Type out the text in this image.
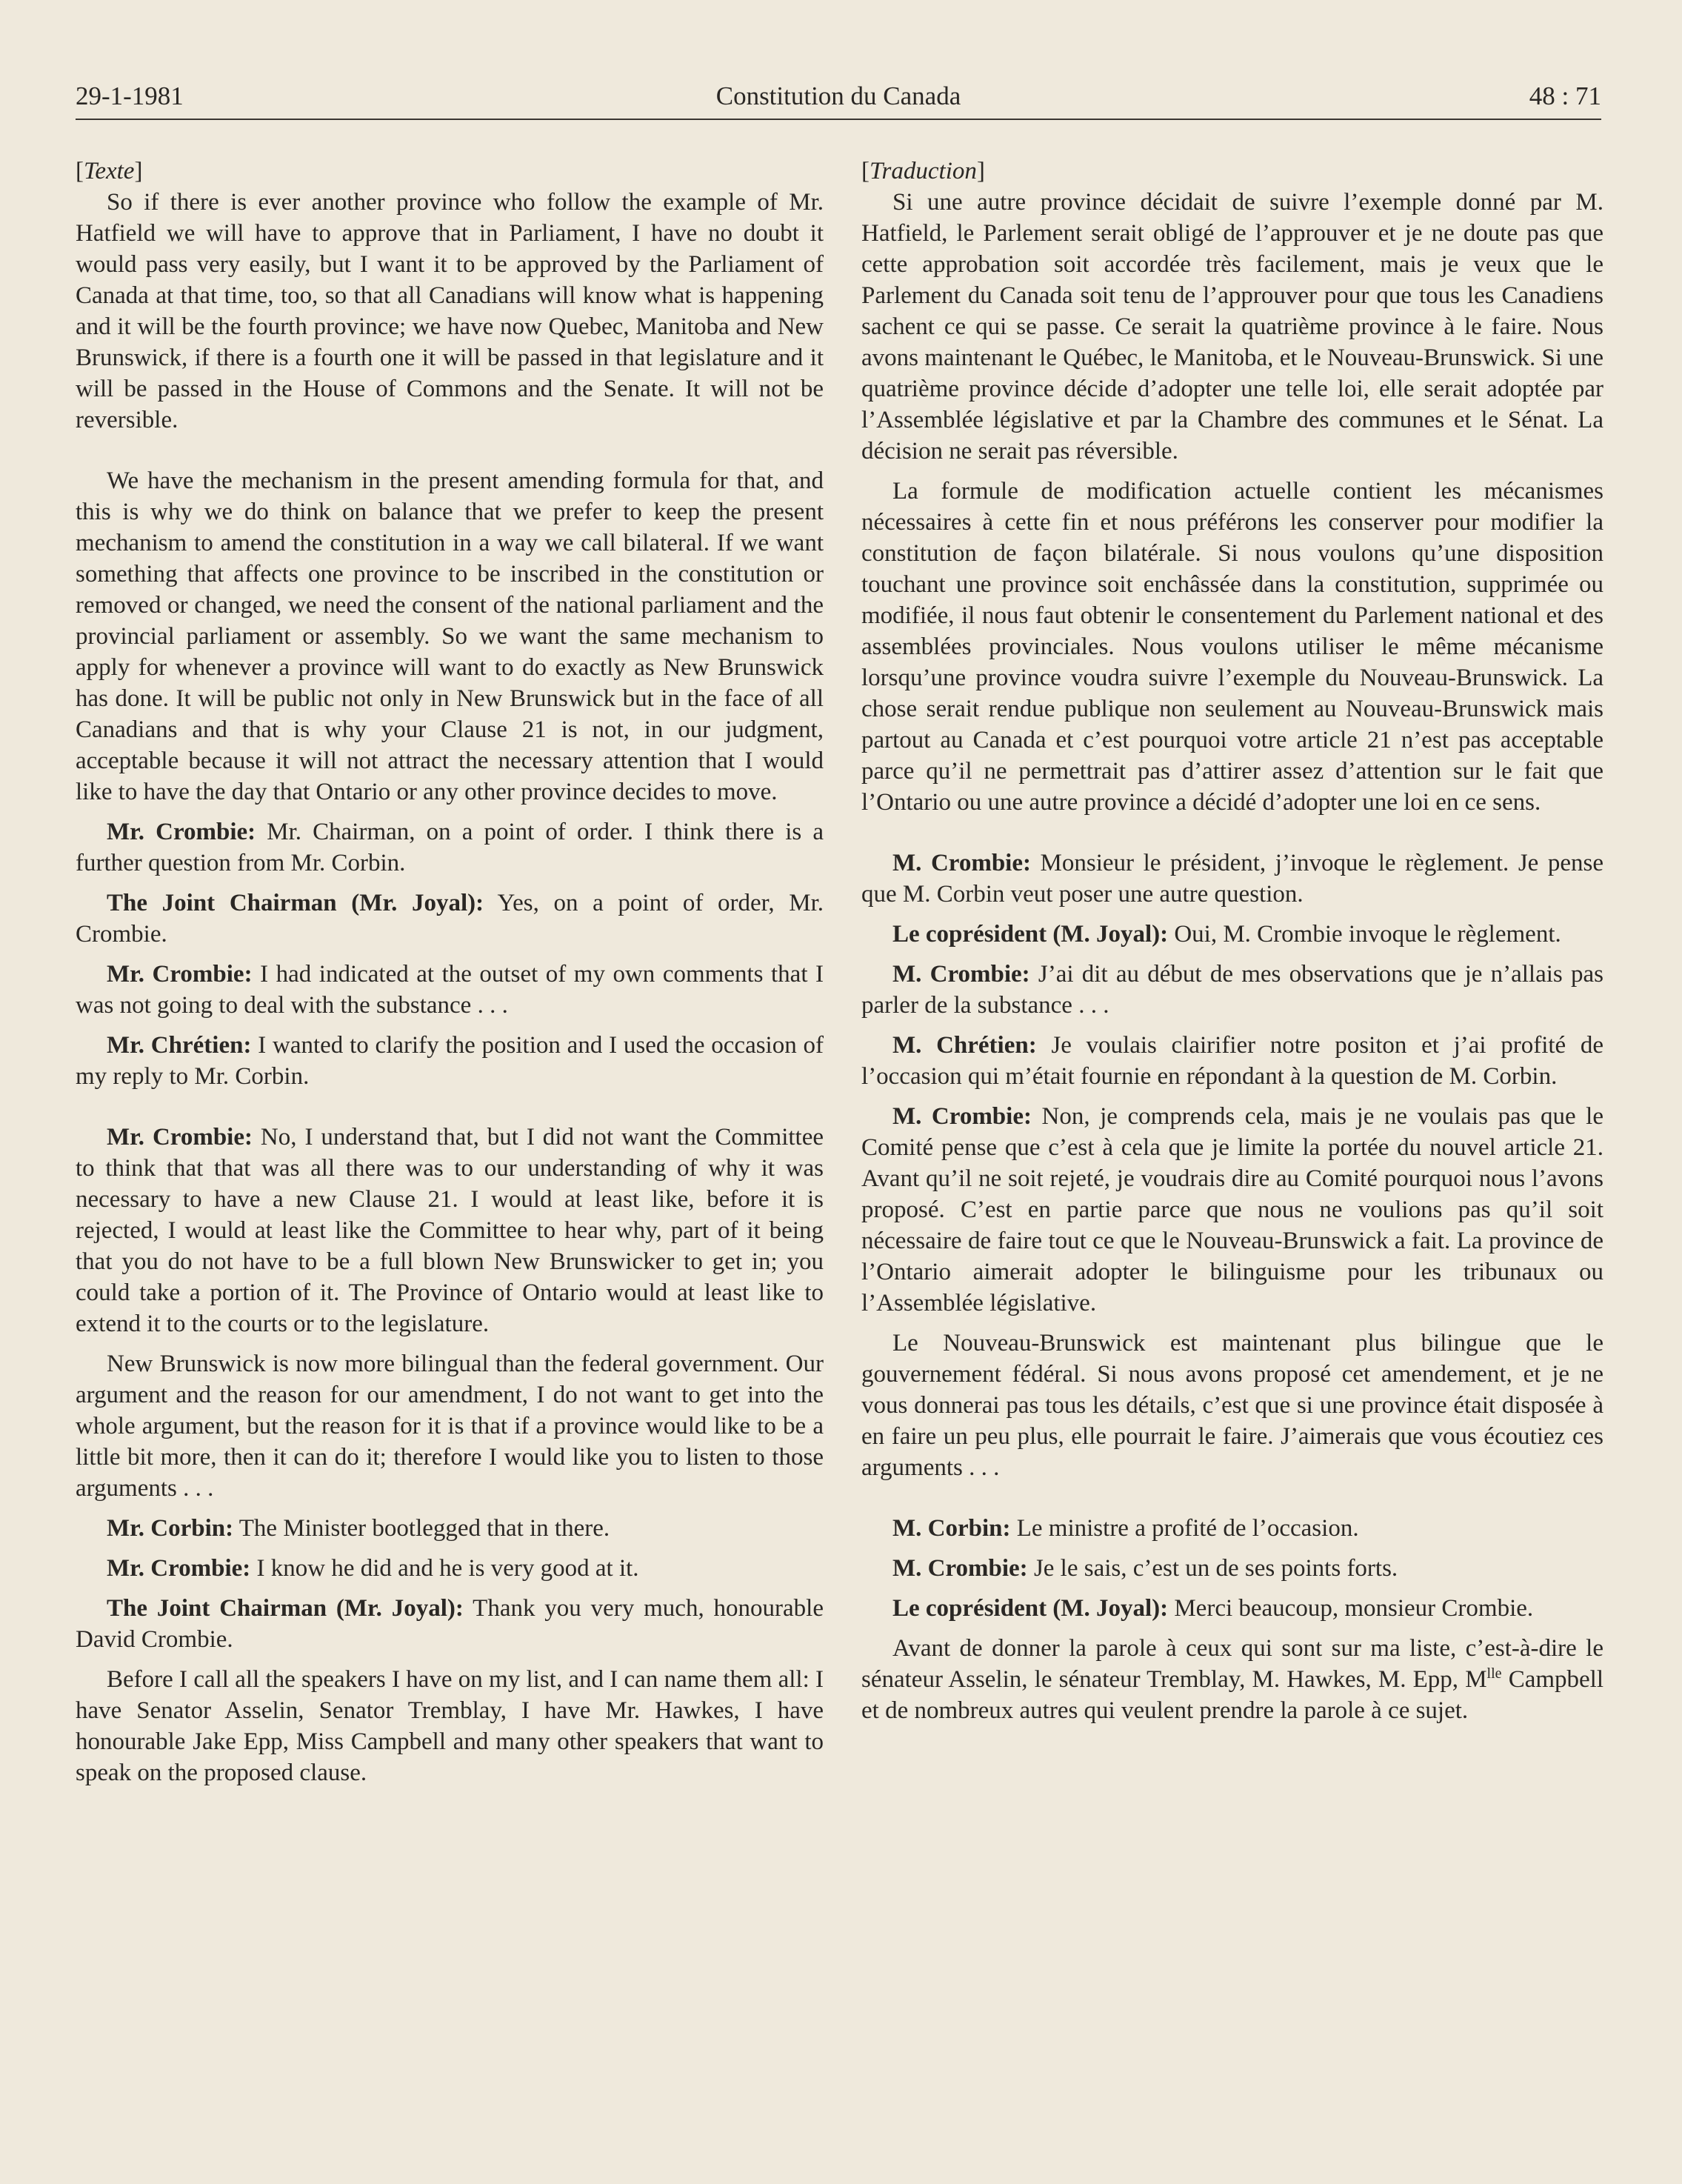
29-1-1981	Constitution du Canada	48 : 71

[Texte]

So if there is ever another province who follow the example of Mr. Hatfield we will have to approve that in Parliament, I have no doubt it would pass very easily, but I want it to be approved by the Parliament of Canada at that time, too, so that all Canadians will know what is happening and it will be the fourth province; we have now Quebec, Manitoba and New Brunswick, if there is a fourth one it will be passed in that legislature and it will be passed in the House of Commons and the Senate. It will not be reversible.

We have the mechanism in the present amending formula for that, and this is why we do think on balance that we prefer to keep the present mechanism to amend the constitution in a way we call bilateral. If we want something that affects one province to be inscribed in the constitution or removed or changed, we need the consent of the national parliament and the provincial parliament or assembly. So we want the same mechanism to apply for whenever a province will want to do exactly as New Brunswick has done. It will be public not only in New Brunswick but in the face of all Canadians and that is why your Clause 21 is not, in our judgment, acceptable because it will not attract the necessary attention that I would like to have the day that Ontario or any other province decides to move.

Mr. Crombie: Mr. Chairman, on a point of order. I think there is a further question from Mr. Corbin.

The Joint Chairman (Mr. Joyal): Yes, on a point of order, Mr. Crombie.

Mr. Crombie: I had indicated at the outset of my own comments that I was not going to deal with the substance . . .

Mr. Chrétien: I wanted to clarify the position and I used the occasion of my reply to Mr. Corbin.

Mr. Crombie: No, I understand that, but I did not want the Committee to think that that was all there was to our understanding of why it was necessary to have a new Clause 21. I would at least like, before it is rejected, I would at least like the Committee to hear why, part of it being that you do not have to be a full blown New Brunswicker to get in; you could take a portion of it. The Province of Ontario would at least like to extend it to the courts or to the legislature.

New Brunswick is now more bilingual than the federal government. Our argument and the reason for our amendment, I do not want to get into the whole argument, but the reason for it is that if a province would like to be a little bit more, then it can do it; therefore I would like you to listen to those arguments . . .

Mr. Corbin: The Minister bootlegged that in there.

Mr. Crombie: I know he did and he is very good at it.

The Joint Chairman (Mr. Joyal): Thank you very much, honourable David Crombie.

Before I call all the speakers I have on my list, and I can name them all: I have Senator Asselin, Senator Tremblay, I have Mr. Hawkes, I have honourable Jake Epp, Miss Campbell and many other speakers that want to speak on the proposed clause.

[Traduction]

Si une autre province décidait de suivre l’exemple donné par M. Hatfield, le Parlement serait obligé de l’approuver et je ne doute pas que cette approbation soit accordée très facilement, mais je veux que le Parlement du Canada soit tenu de l’approuver pour que tous les Canadiens sachent ce qui se passe. Ce serait la quatrième province à le faire. Nous avons maintenant le Québec, le Manitoba, et le Nouveau-Brunswick. Si une quatrième province décide d’adopter une telle loi, elle serait adoptée par l’Assemblée législative et par la Chambre des communes et le Sénat. La décision ne serait pas réversible.

La formule de modification actuelle contient les mécanismes nécessaires à cette fin et nous préférons les conserver pour modifier la constitution de façon bilatérale. Si nous voulons qu’une disposition touchant une province soit enchâssée dans la constitution, supprimée ou modifiée, il nous faut obtenir le consentement du Parlement national et des assemblées provinciales. Nous voulons utiliser le même mécanisme lorsqu’une province voudra suivre l’exemple du Nouveau-Brunswick. La chose serait rendue publique non seulement au Nouveau-Brunswick mais partout au Canada et c’est pourquoi votre article 21 n’est pas acceptable parce qu’il ne permettrait pas d’attirer assez d’attention sur le fait que l’Ontario ou une autre province a décidé d’adopter une loi en ce sens.

M. Crombie: Monsieur le président, j’invoque le règlement. Je pense que M. Corbin veut poser une autre question.

Le coprésident (M. Joyal): Oui, M. Crombie invoque le règlement.

M. Crombie: J’ai dit au début de mes observations que je n’allais pas parler de la substance . . .

M. Chrétien: Je voulais clairifier notre positon et j’ai profité de l’occasion qui m’était fournie en répondant à la question de M. Corbin.

M. Crombie: Non, je comprends cela, mais je ne voulais pas que le Comité pense que c’est à cela que je limite la portée du nouvel article 21. Avant qu’il ne soit rejeté, je voudrais dire au Comité pourquoi nous l’avons proposé. C’est en partie parce que nous ne voulions pas qu’il soit nécessaire de faire tout ce que le Nouveau-Brunswick a fait. La province de l’Ontario aimerait adopter le bilinguisme pour les tribunaux ou l’Assemblée législative.

Le Nouveau-Brunswick est maintenant plus bilingue que le gouvernement fédéral. Si nous avons proposé cet amendement, et je ne vous donnerai pas tous les détails, c’est que si une province était disposée à en faire un peu plus, elle pourrait le faire. J’aimerais que vous écoutiez ces arguments . . .

M. Corbin: Le ministre a profité de l’occasion.

M. Crombie: Je le sais, c’est un de ses points forts.

Le coprésident (M. Joyal): Merci beaucoup, monsieur Crombie.

Avant de donner la parole à ceux qui sont sur ma liste, c’est-à-dire le sénateur Asselin, le sénateur Tremblay, M. Hawkes, M. Epp, $M^{lle}$ Campbell et de nombreux autres qui veulent prendre la parole à ce sujet.
